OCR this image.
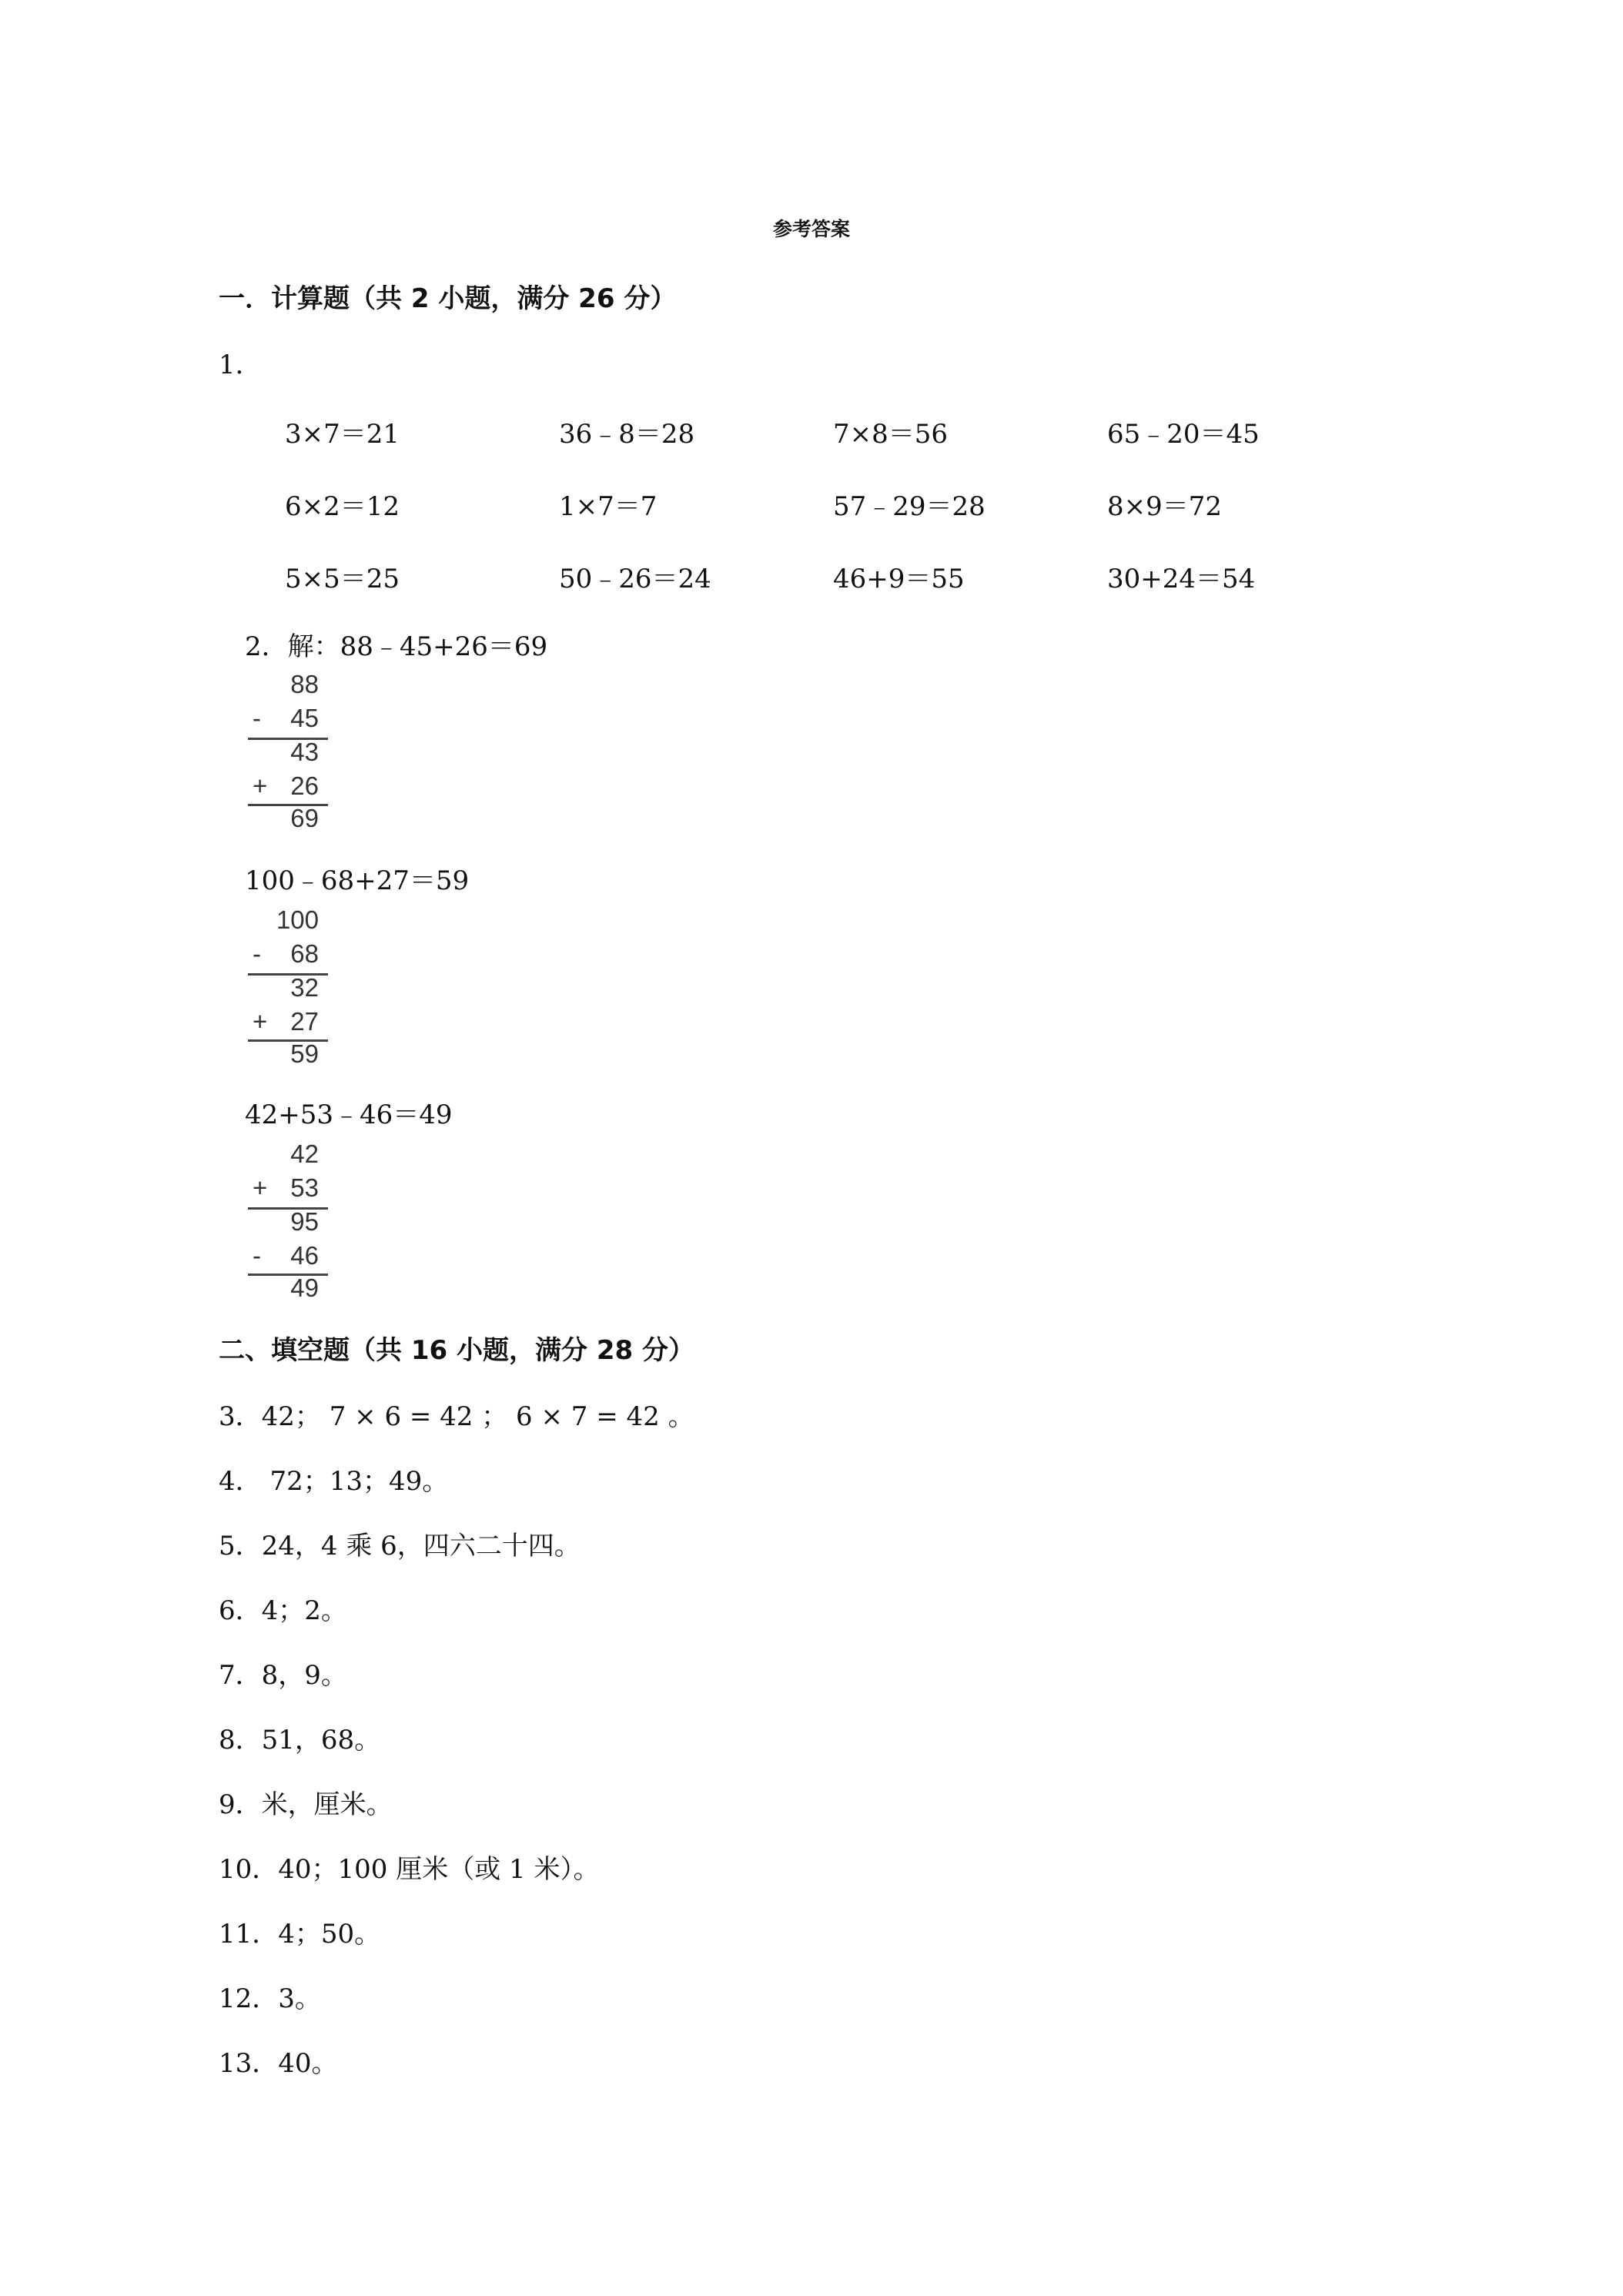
参考答案
一．计算题（共 2 小题，满分 26 分）
1．
3×7＝21	36﹣8＝28	7×8＝56	65﹣20＝45
6×2＝12	1×7＝7	57﹣29＝28	8×9＝72
5×5＝25	50﹣26＝24	46+9＝55	30+24＝54
2．解：88﹣45+26＝69
88
- 45
43
+ 26
69
100﹣68+27＝59
100
- 68
32
+ 27
59
42+53﹣46＝49
42
+ 53
95
- 46
49
二、填空题（共 16 小题，满分 28 分）
3．42； 7 × 6 = 42 ； 6 × 7 = 42 。
4． 72；13；49。
5．24，4 乘 6，四六二十四。
6．4；2。
7．8，9。
8．51，68。
9．米，厘米。
10．40；100 厘米（或 1 米）。
11．4；50。
12．3。
13．40。
